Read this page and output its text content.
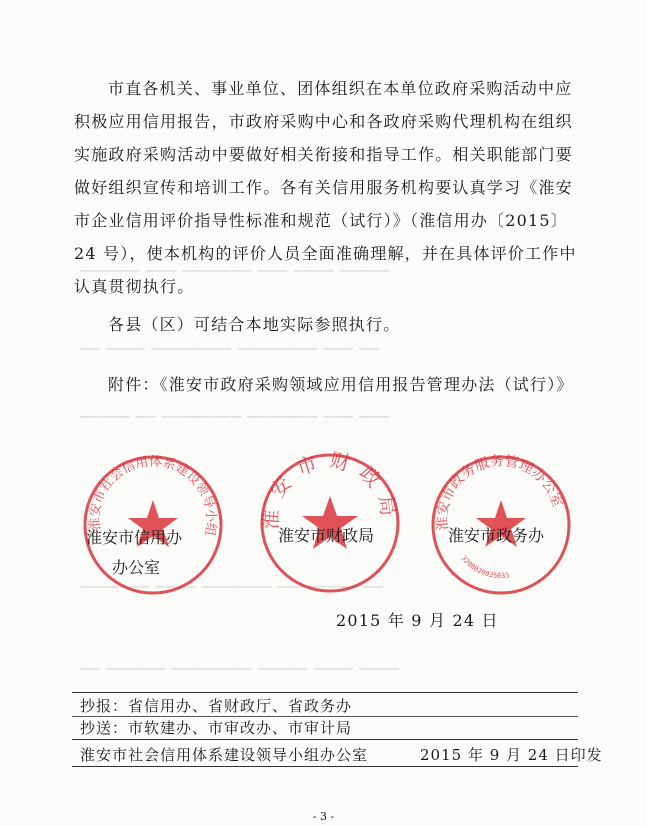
────── ─── ─────── ─── ──── ─────
── ──── ──────── ──────── ─── ──
───── ── ──────── ─────── ─── ───
─────── ──── ─────── ──────── ──
── ────── ──────── ───── ──── ────
市直各机关、事业单位、团体组织在本单位政府采购活动中应积极应用信用报告，市政府采购中心和各政府采购代理机构在组织实施政府采购活动中要做好相关衔接和指导工作。相关职能部门要做好组织宣传和培训工作。各有关信用服务机构要认真学习《淮安市企业信用评价指导性标准和规范（试行）》（淮信用办〔2015〕24 号），使本机构的评价人员全面准确理解，并在具体评价工作中认真贯彻执行。
各县（区）可结合本地实际参照执行。
附件：《淮安市政府采购领域应用信用报告管理办法（试行）》
淮安市社会信用体系建设领导小组
淮安市信用办
办公室
淮安市财政局
淮安市财政局
淮安市政务服务管理办公室
3208020035033
淮安市政务办
2015 年 9 月 24 日
抄报：省信用办、省财政厅、省政务办
抄送：市软建办、市审改办、市审计局
淮安市社会信用体系建设领导小组办公室	2015 年 9 月 24 日印发
- 3 -
